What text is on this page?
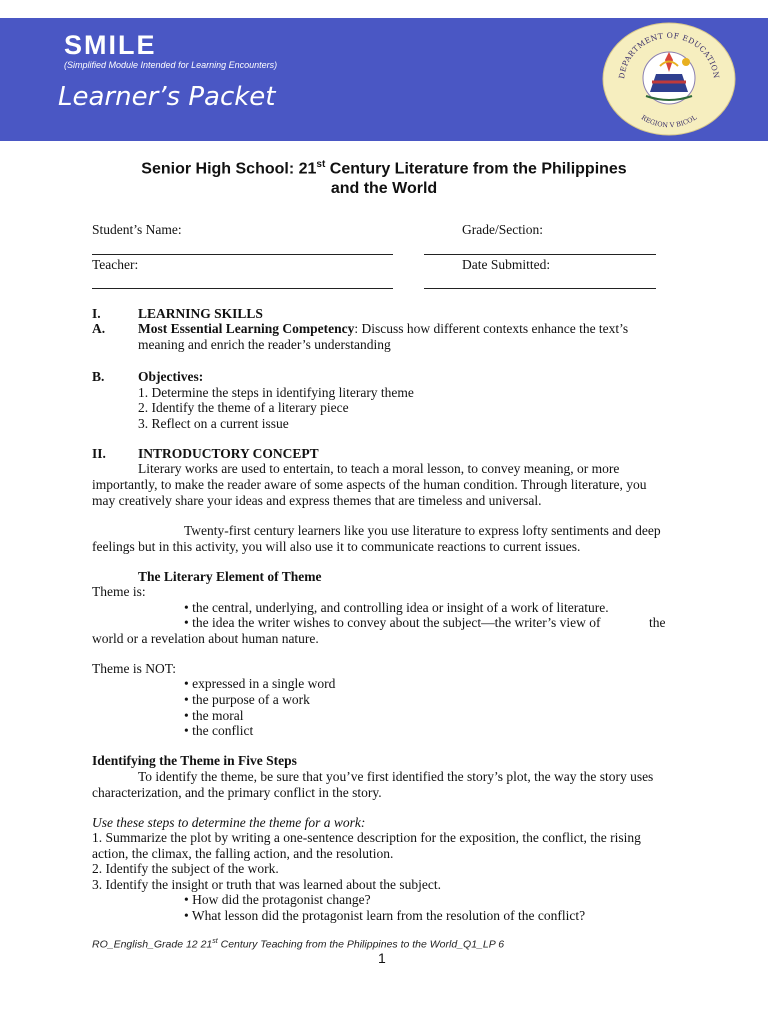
SMILE
(Simplified Module Intended for Learning Encounters)
Learner’s Packet
DEPARTMENT OF EDUCATION
REGION V BICOL
Senior High School: 21st Century Literature from the Philippines
and the World
Student’s Name:	Grade/Section:
Teacher:	Date Submitted:
I.	LEARNING SKILLS
A. Most Essential Learning Competency: Discuss how different contexts enhance the text’s
meaning and enrich the reader’s understanding
B. Objectives:
1. Determine the steps in identifying literary theme
2. Identify the theme of a literary piece
3. Reflect on a current issue
II. INTRODUCTORY CONCEPT
Literary works are used to entertain, to teach a moral lesson, to convey meaning, or more
importantly, to make the reader aware of some aspects of the human condition. Through literature, you
may creatively share your ideas and express themes that are timeless and universal.
Twenty-first century learners like you use literature to express lofty sentiments and deep
feelings but in this activity, you will also use it to communicate reactions to current issues.
The Literary Element of Theme
Theme is:
• the central, underlying, and controlling idea or insight of a work of literature.
• the idea the writer wishes to convey about the subject—the writer’s view of	the
world or a revelation about human nature.
Theme is NOT:
• expressed in a single word
• the purpose of a work
• the moral
• the conflict
Identifying the Theme in Five Steps
To identify the theme, be sure that you’ve first identified the story’s plot, the way the story uses
characterization, and the primary conflict in the story.
Use these steps to determine the theme for a work:
1. Summarize the plot by writing a one-sentence description for the exposition, the conflict, the rising
action, the climax, the falling action, and the resolution.
2. Identify the subject of the work.
3. Identify the insight or truth that was learned about the subject.
• How did the protagonist change?
• What lesson did the protagonist learn from the resolution of the conflict?
RO_English_Grade 12 21st Century Teaching from the Philippines to the World_Q1_LP 6
1
